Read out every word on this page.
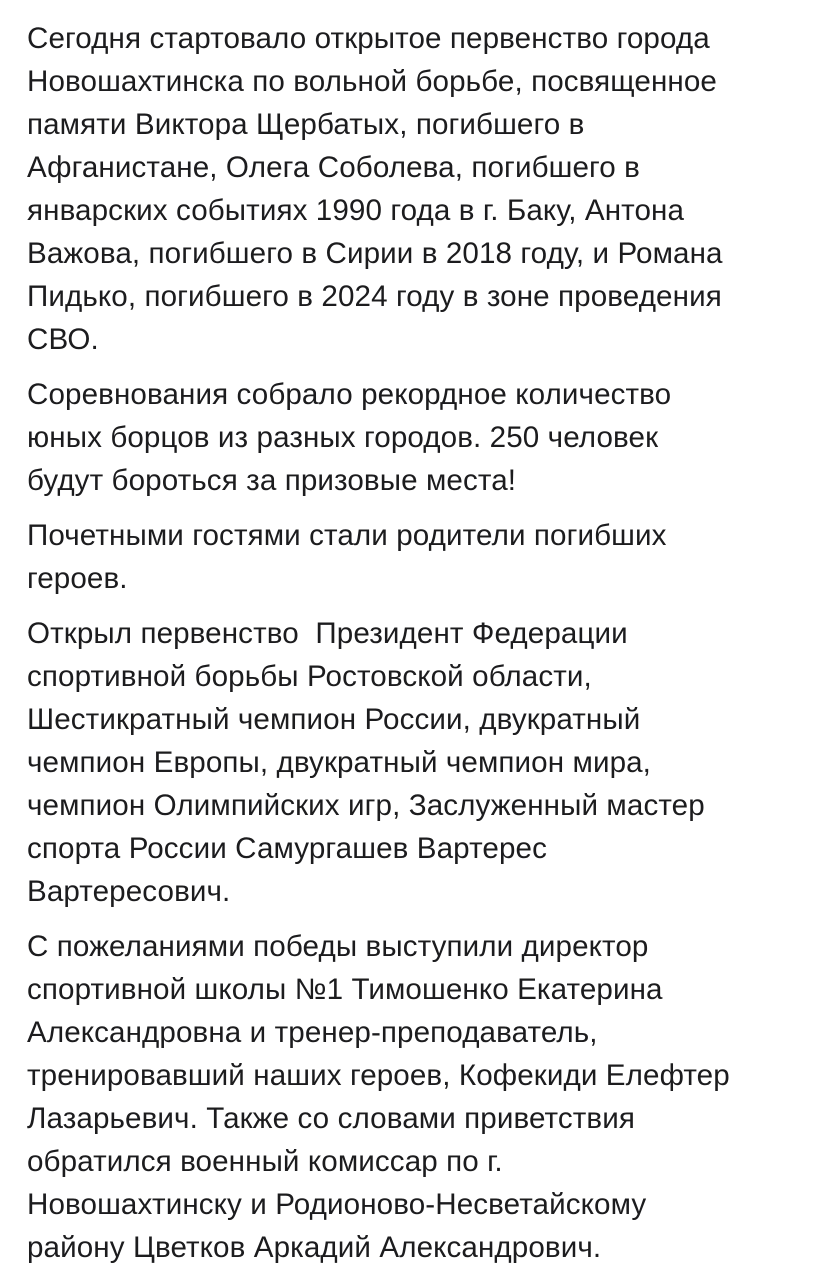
Сегодня стартовало открытое первенство города
Новошахтинска по вольной борьбе, посвященное
памяти Виктора Щербатых, погибшего в
Афганистане, Олега Соболева, погибшего в
январских событиях 1990 года в г. Баку, Антона
Важова, погибшего в Сирии в 2018 году, и Романа
Пидько, погибшего в 2024 году в зоне проведения
СВО.
Соревнования собрало рекордное количество
юных борцов из разных городов. 250 человек
будут бороться за призовые места!
Почетными гостями стали родители погибших
героев.
Открыл первенство  Президент Федерации
спортивной борьбы Ростовской области,
Шестикратный чемпион России, двукратный
чемпион Европы, двукратный чемпион мира,
чемпион Олимпийских игр, Заслуженный мастер
спорта России Самургашев Вартерес
Вартересович.
С пожеланиями победы выступили директор
спортивной школы №1 Тимошенко Екатерина
Александровна и тренер-преподаватель,
тренировавший наших героев, Кофекиди Елефтер
Лазарьевич. Также со словами приветствия
обратился военный комиссар по г.
Новошахтинску и Родионово-Несветайскому
району Цветков Аркадий Александрович.
